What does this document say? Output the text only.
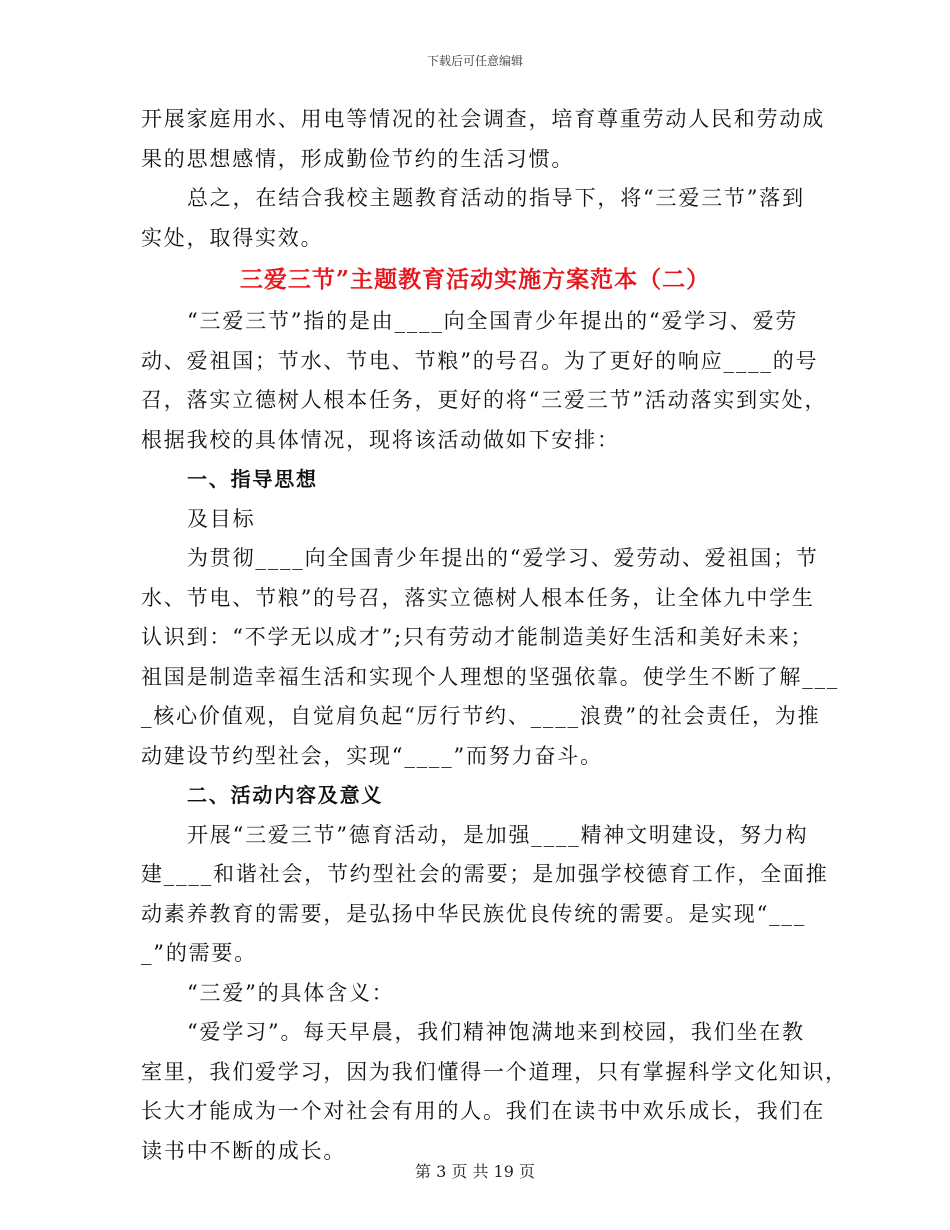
下载后可任意编辑
开展家庭用水、用电等情况的社会调查，培育尊重劳动人民和劳动成
果的思想感情，形成勤俭节约的生活习惯。
总之，在结合我校主题教育活动的指导下，将“三爱三节”落到
实处，取得实效。
三爱三节”主题教育活动实施方案范本（二）
“三爱三节”指的是由____向全国青少年提出的“爱学习、爱劳
动、爱祖国；节水、节电、节粮”的号召。为了更好的响应____的号
召，落实立德树人根本任务，更好的将“三爱三节”活动落实到实处，
根据我校的具体情况，现将该活动做如下安排：
一、指导思想
及目标
为贯彻____向全国青少年提出的“爱学习、爱劳动、爱祖国；节
水、节电、节粮”的号召，落实立德树人根本任务，让全体九中学生
认识到：“不学无以成才”;只有劳动才能制造美好生活和美好未来；
祖国是制造幸福生活和实现个人理想的坚强依靠。使学生不断了解___
_核心价值观，自觉肩负起“厉行节约、____浪费”的社会责任，为推
动建设节约型社会，实现“____”而努力奋斗。
二、活动内容及意义
开展“三爱三节”德育活动，是加强____精神文明建设，努力构
建____和谐社会，节约型社会的需要；是加强学校德育工作，全面推
动素养教育的需要，是弘扬中华民族优良传统的需要。是实现“___
_”的需要。
“三爱”的具体含义：
“爱学习”。每天早晨，我们精神饱满地来到校园，我们坐在教
室里，我们爱学习，因为我们懂得一个道理，只有掌握科学文化知识，
长大才能成为一个对社会有用的人。我们在读书中欢乐成长，我们在
读书中不断的成长。
第 3 页 共 19 页
